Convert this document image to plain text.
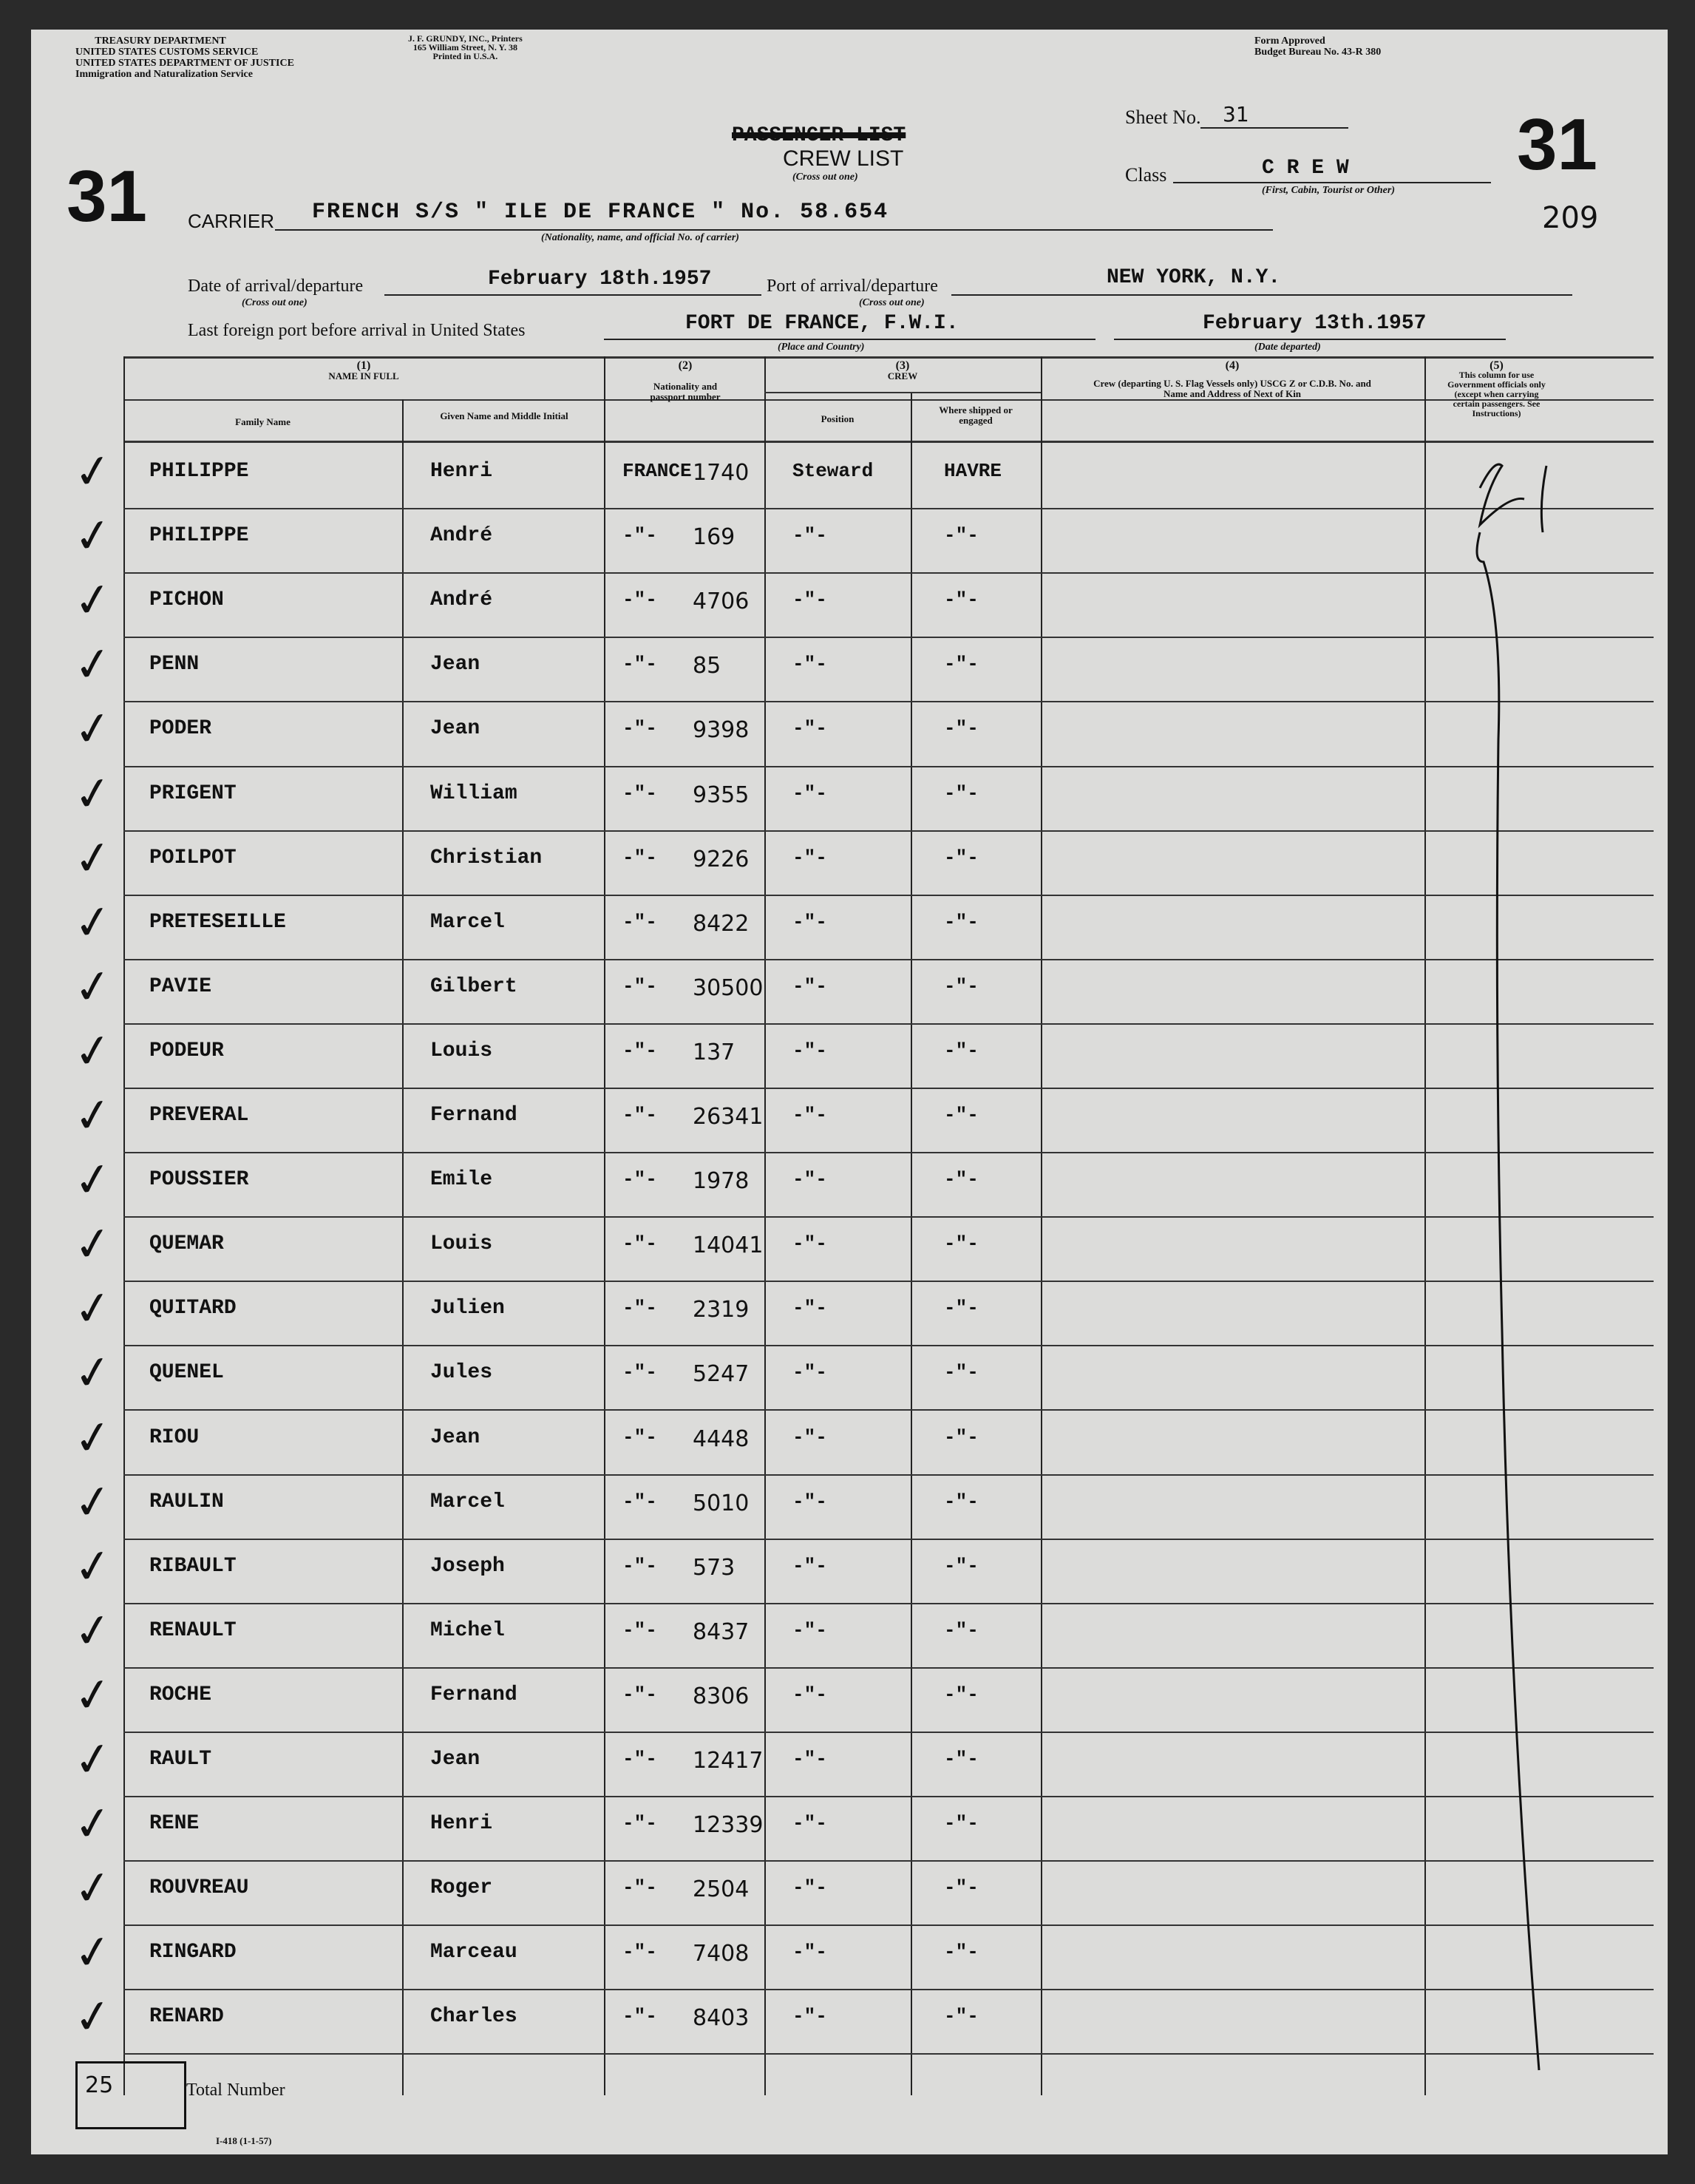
TREASURY DEPARTMENT
UNITED STATES CUSTOMS SERVICE
UNITED STATES DEPARTMENT OF JUSTICE
Immigration and Naturalization Service
J. F. GRUNDY, INC., Printers
165 William Street, N. Y. 38
Printed in U.S.A.
Form Approved
Budget Bureau No. 43-R 380
31
31
209
PASSENGER LIST
CREW LIST
(Cross out one)
Sheet No. 31
Class	C R E W
(First, Cabin, Tourist or Other)
CARRIER FRENCH S/S " ILE DE FRANCE " No. 58.654
(Nationality, name, and official No. of carrier)
Date of arrival/departure	February 18th.1957	Port of arrival/departure	NEW YORK, N.Y.
(Cross out one)	(Cross out one)
Last foreign port before arrival in United States	FORT DE FRANCE, F.W.I.	February 13th.1957
(Place and Country)	(Date departed)
(1)
NAME IN FULL
Family Name
Given Name and Middle Initial
(2)
Nationality and passport number
(3)
CREW
Position
Where shipped or engaged
(4)
Crew (departing U. S. Flag Vessels only) USCG Z or C.D.B. No. and Name and Address of Next of Kin
(5)
This column for use Government officials only (except when carrying certain passengers. See Instructions)
✓ PHILIPPE	Henri	FRANCE 1740 Steward	HAVRE
✓ PHILIPPE	André	-"- 169	-"-	-"-
✓ PICHON	André	-"- 4706 -"-	-"-
✓ PENN	Jean	-"- 85	-"-	-"-
✓ PODER	Jean	-"- 9398 -"-	-"-
✓ PRIGENT	William	-"- 9355 -"-	-"-
✓ POILPOT	Christian	-"- 9226 -"-	-"-
✓ PRETESEILLE	Marcel	-"- 8422 -"-	-"-
✓ PAVIE	Gilbert	-"- 30500 -"-	-"-
✓ PODEUR	Louis	-"- 137	-"-	-"-
✓ PREVERAL	Fernand	-"- 26341 -"-	-"-
✓ POUSSIER	Emile	-"- 1978 -"-	-"-
✓ QUEMAR	Louis	-"- 14041 -"-	-"-
✓ QUITARD	Julien	-"- 2319 -"-	-"-
✓ QUENEL	Jules	-"- 5247 -"-	-"-
✓ RIOU	Jean	-"- 4448 -"-	-"-
✓ RAULIN	Marcel	-"- 5010 -"-	-"-
✓ RIBAULT	Joseph	-"- 573	-"-	-"-
✓ RENAULT	Michel	-"- 8437 -"-	-"-
✓ ROCHE	Fernand	-"- 8306 -"-	-"-
✓ RAULT	Jean	-"- 12417 -"-	-"-
✓ RENE	Henri	-"- 12339 -"-	-"-
✓ ROUVREAU	Roger	-"- 2504 -"-	-"-
✓ RINGARD	Marceau	-"- 7408 -"-	-"-
✓ RENARD	Charles	-"- 8403 -"-	-"-
25	Total Number
I-418 (1-1-57)
